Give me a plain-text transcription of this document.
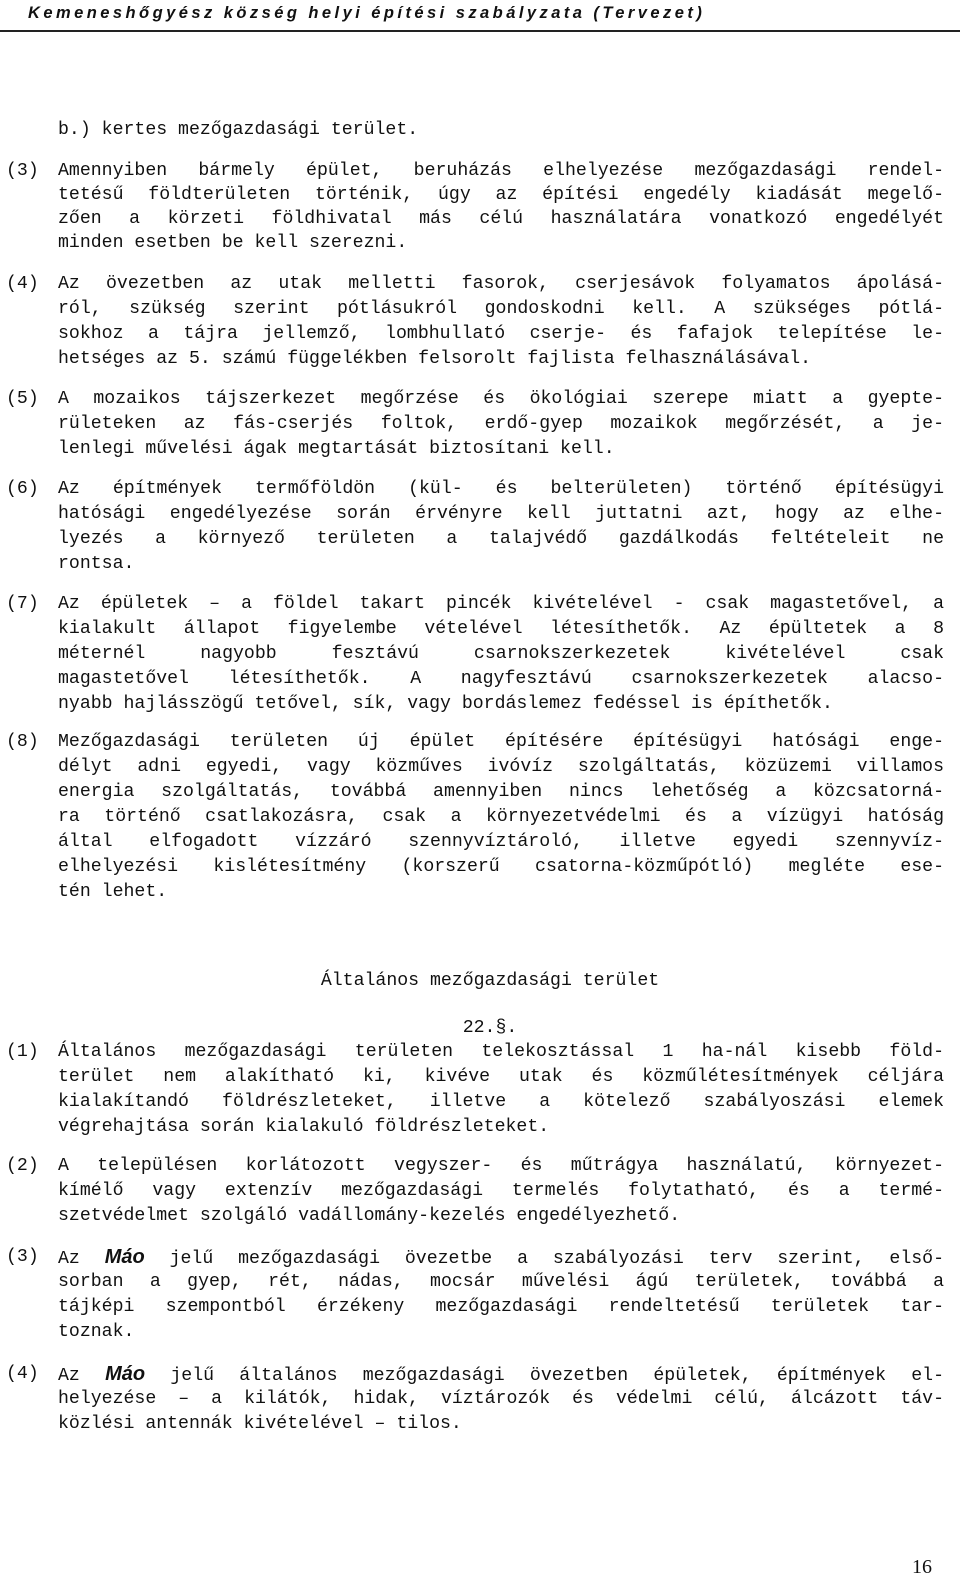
Kemeneshőgyész község helyi építési szabályzata (Tervezet)
b.) kertes mezőgazdasági terület.
(3)	Amennyiben bármely épület, beruházás elhelyezése mezőgazdasági rendel-
tetésű földterületen történik, úgy az építési engedély kiadását megelő-
zően a körzeti földhivatal más célú használatára vonatkozó engedélyét
minden esetben be kell szerezni.
(4)	Az övezetben az utak melletti fasorok, cserjesávok folyamatos ápolásá-
ról, szükség szerint pótlásukról gondoskodni kell. A szükséges pótlá-
sokhoz a tájra jellemző, lombhullató cserje- és fafajok telepítése le-
hetséges az 5. számú függelékben felsorolt fajlista felhasználásával.
(5)	A mozaikos tájszerkezet megőrzése és ökológiai szerepe miatt a gyepte-
rületeken az fás-cserjés foltok, erdő-gyep mozaikok megőrzését, a je-
lenlegi művelési ágak megtartását biztosítani kell.
(6)	Az építmények termőföldön (kül- és belterületen) történő építésügyi
hatósági engedélyezése során érvényre kell juttatni azt, hogy az elhe-
lyezés a környező területen a talajvédő gazdálkodás feltételeit ne
rontsa.
(7)	Az épületek – a földel takart pincék kivételével - csak magastetővel, a
kialakult állapot figyelembe vételével létesíthetők. Az épültetek a 8
méternél nagyobb fesztávú csarnokszerkezetek kivételével csak
magastetővel létesíthetők. A nagyfesztávú csarnokszerkezetek alacso-
nyabb hajlásszögű tetővel, sík, vagy bordáslemez fedéssel is építhetők.
(8)	Mezőgazdasági területen új épület építésére építésügyi hatósági enge-
délyt adni egyedi, vagy közműves ivóvíz szolgáltatás, közüzemi villamos
energia szolgáltatás, továbbá amennyiben nincs lehetőség a közcsatorná-
ra történő csatlakozásra, csak a környezetvédelmi és a vízügyi hatóság
által elfogadott vízzáró szennyvíztároló, illetve egyedi szennyvíz-
elhelyezési kislétesítmény (korszerű csatorna-közműpótló) megléte ese-
tén lehet.
Általános mezőgazdasági terület
22.§.
(1)	Általános mezőgazdasági területen telekosztással 1 ha-nál kisebb föld-
terület nem alakítható ki, kivéve utak és közműlétesítmények céljára
kialakítandó földrészleteket, illetve a kötelező szabályoszási elemek
végrehajtása során kialakuló földrészleteket.
(2)	A településen korlátozott vegyszer- és műtrágya használatú, környezet-
kímélő vagy extenzív mezőgazdasági termelés folytatható, és a termé-
szetvédelmet szolgáló vadállomány-kezelés engedélyezhető.
(3)	Az Máo jelű mezőgazdasági övezetbe a szabályozási terv szerint, első-
sorban a gyep, rét, nádas, mocsár művelési ágú területek, továbbá a
tájképi szempontból érzékeny mezőgazdasági rendeltetésű területek tar-
toznak.
(4)	Az Máo jelű általános mezőgazdasági övezetben épületek, építmények el-
helyezése – a kilátók, hidak, víztározók és védelmi célú, álcázott táv-
közlési antennák kivételével – tilos.
16
